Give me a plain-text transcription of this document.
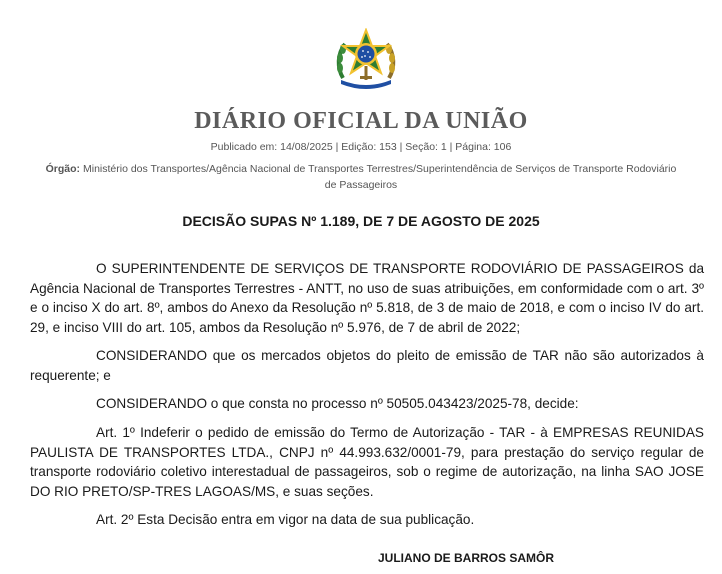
DIÁRIO OFICIAL DA UNIÃO
Publicado em: 14/08/2025 | Edição: 153 | Seção: 1 | Página: 106
Órgão: Ministério dos Transportes/Agência Nacional de Transportes Terrestres/Superintendência de Serviços de Transporte Rodoviário de Passageiros
DECISÃO SUPAS Nº 1.189, DE 7 DE AGOSTO DE 2025
O SUPERINTENDENTE DE SERVIÇOS DE TRANSPORTE RODOVIÁRIO DE PASSAGEIROS da Agência Nacional de Transportes Terrestres - ANTT, no uso de suas atribuições, em conformidade com o art. 3º e o inciso X do art. 8º, ambos do Anexo da Resolução nº 5.818, de 3 de maio de 2018, e com o inciso IV do art. 29, e inciso VIII do art. 105, ambos da Resolução nº 5.976, de 7 de abril de 2022;
CONSIDERANDO que os mercados objetos do pleito de emissão de TAR não são autorizados à requerente; e
CONSIDERANDO o que consta no processo nº 50505.043423/2025-78, decide:
Art. 1º Indeferir o pedido de emissão do Termo de Autorização - TAR - à EMPRESAS REUNIDAS PAULISTA DE TRANSPORTES LTDA., CNPJ nº 44.993.632/0001-79, para prestação do serviço regular de transporte rodoviário coletivo interestadual de passageiros, sob o regime de autorização, na linha SAO JOSE DO RIO PRETO/SP-TRES LAGOAS/MS, e suas seções.
Art. 2º Esta Decisão entra em vigor na data de sua publicação.
JULIANO DE BARROS SAMÔR
